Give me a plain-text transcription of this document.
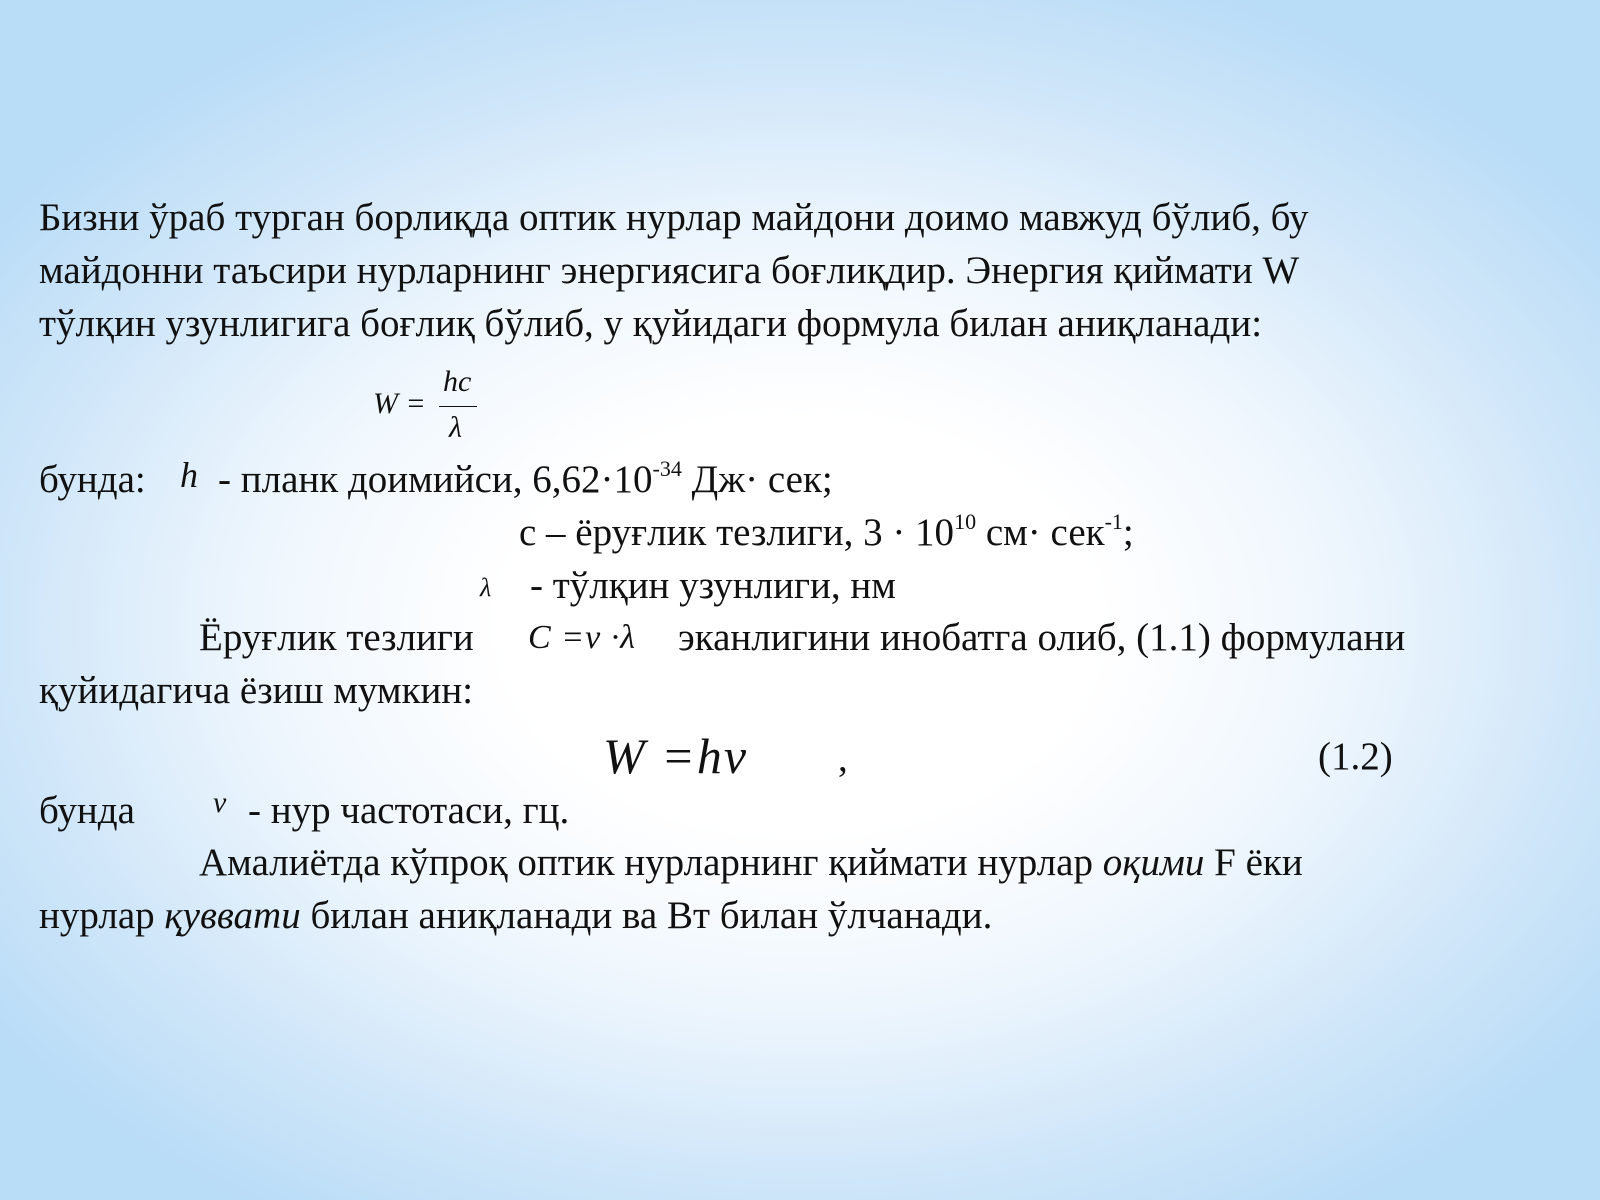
Бизни ўраб турган борлиқда оптик нурлар майдони доимо мавжуд бўлиб, бу
майдонни таъсири нурларнинг энергиясига боғлиқдир. Энергия қиймати W
тўлқин узунлигига боғлиқ бўлиб, у қуйидаги формула билан аниқланади:
W =
hc
λ
бунда: h - планк доимийси, $6,62\cdot 10^{-34}$ Дж· сек;
с – ёруғлик тезлиги, $3 \cdot 10^{10}$ см· сек$^{-1}$;
λ - тўлқин узунлиги, нм
Ёруғлик тезлиги C =ν ·λ эканлигини инобатга олиб, (1.1) формулани
қуйидагича ёзиш мумкин:
W =hν ,	(1.2)
бунда	ν - нур частотаси, гц.
Амалиётда кўпроқ оптик нурларнинг қиймати нурлар оқими F ёки
нурлар қуввати билан аниқланади ва Вт билан ўлчанади.
